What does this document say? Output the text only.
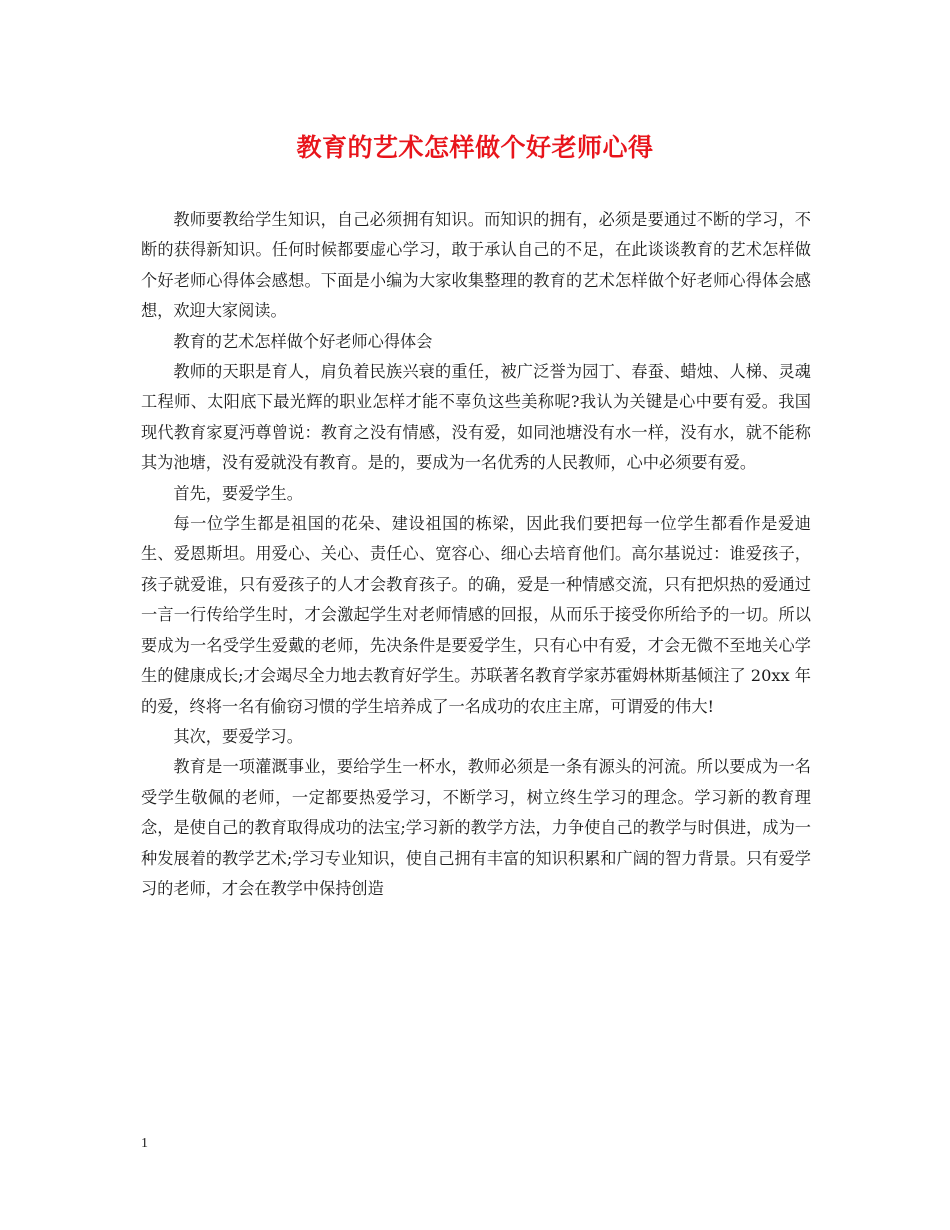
教育的艺术怎样做个好老师心得

教师要教给学生知识，自己必须拥有知识。而知识的拥有，必须是要通过不断的学习，不断的获得新知识。任何时候都要虚心学习，敢于承认自己的不足，在此谈谈教育的艺术怎样做个好老师心得体会感想。下面是小编为大家收集整理的教育的艺术怎样做个好老师心得体会感想，欢迎大家阅读。

教育的艺术怎样做个好老师心得体会

教师的天职是育人，肩负着民族兴衰的重任，被广泛誉为园丁、春蚕、蜡烛、人梯、灵魂工程师、太阳底下最光辉的职业怎样才能不辜负这些美称呢?我认为关键是心中要有爱。我国现代教育家夏沔尊曾说：教育之没有情感，没有爱，如同池塘没有水一样，没有水，就不能称其为池塘，没有爱就没有教育。是的，要成为一名优秀的人民教师，心中必须要有爱。

首先，要爱学生。

每一位学生都是祖国的花朵、建设祖国的栋梁，因此我们要把每一位学生都看作是爱迪生、爱恩斯坦。用爱心、关心、责任心、宽容心、细心去培育他们。高尔基说过：谁爱孩子，孩子就爱谁，只有爱孩子的人才会教育孩子。的确，爱是一种情感交流，只有把炽热的爱通过一言一行传给学生时，才会激起学生对老师情感的回报，从而乐于接受你所给予的一切。所以要成为一名受学生爱戴的老师，先决条件是要爱学生，只有心中有爱，才会无微不至地关心学生的健康成长;才会竭尽全力地去教育好学生。苏联著名教育学家苏霍姆林斯基倾注了 20xx 年的爱，终将一名有偷窃习惯的学生培养成了一名成功的农庄主席，可谓爱的伟大!

其次，要爱学习。

教育是一项灌溉事业，要给学生一杯水，教师必须是一条有源头的河流。所以要成为一名受学生敬佩的老师，一定都要热爱学习，不断学习，树立终生学习的理念。学习新的教育理念，是使自己的教育取得成功的法宝;学习新的教学方法，力争使自己的教学与时俱进，成为一种发展着的教学艺术;学习专业知识，使自己拥有丰富的知识积累和广阔的智力背景。只有爱学习的老师，才会在教学中保持创造

1
